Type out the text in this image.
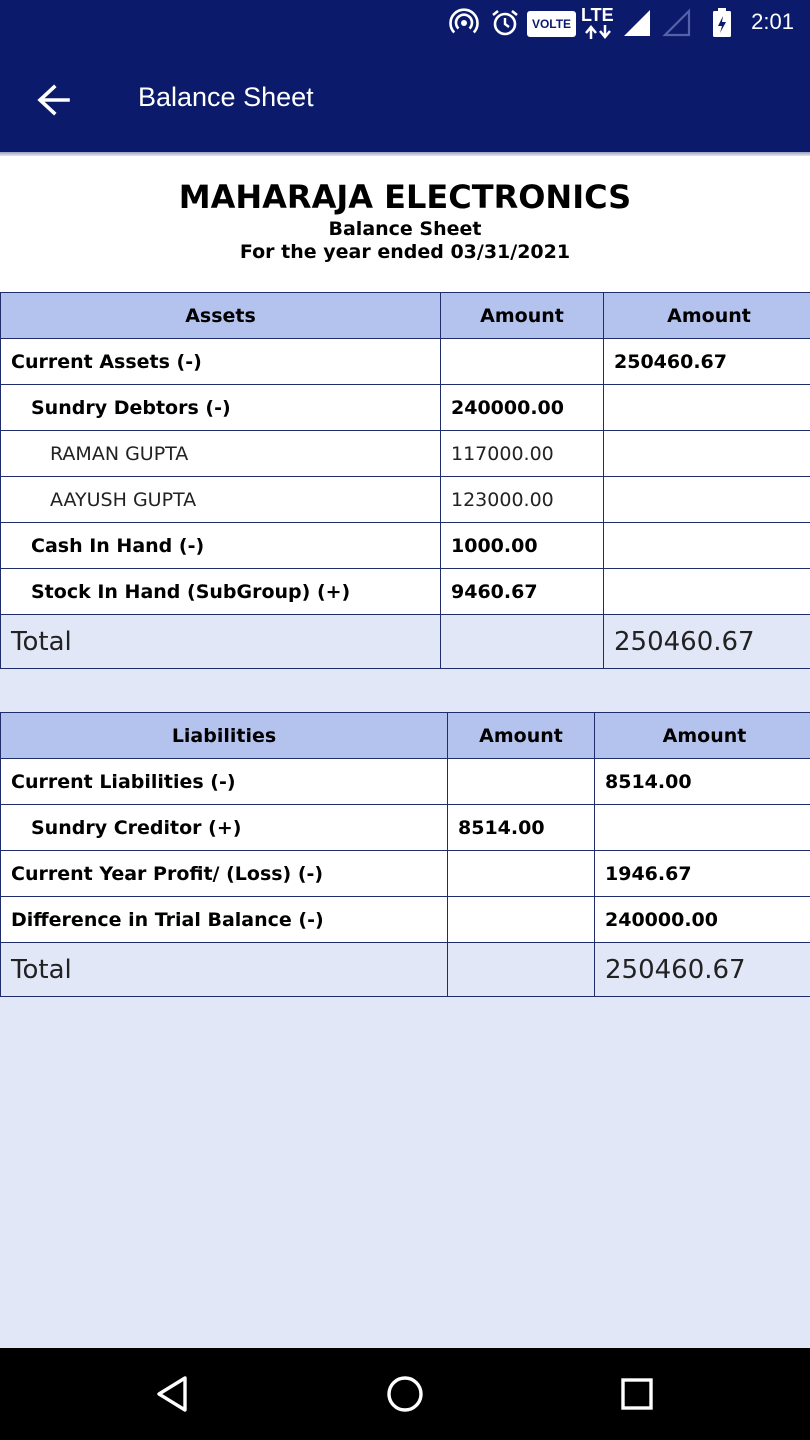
VOLTE LTE	2:01
Balance Sheet
MAHARAJA ELECTRONICS
Balance Sheet
For the year ended 03/31/2021
Assets	Amount	Amount
Current Assets (-)		250460.67
Sundry Debtors (-)	240000.00	
RAMAN GUPTA	117000.00	
AAYUSH GUPTA	123000.00	
Cash In Hand (-)	1000.00	
Stock In Hand (SubGroup) (+)	9460.67	
Total		250460.67
Liabilities	Amount	Amount
Current Liabilities (-)		8514.00
Sundry Creditor (+)	8514.00	
Current Year Profit/ (Loss) (-)		1946.67
Difference in Trial Balance (-)		240000.00
Total		250460.67
